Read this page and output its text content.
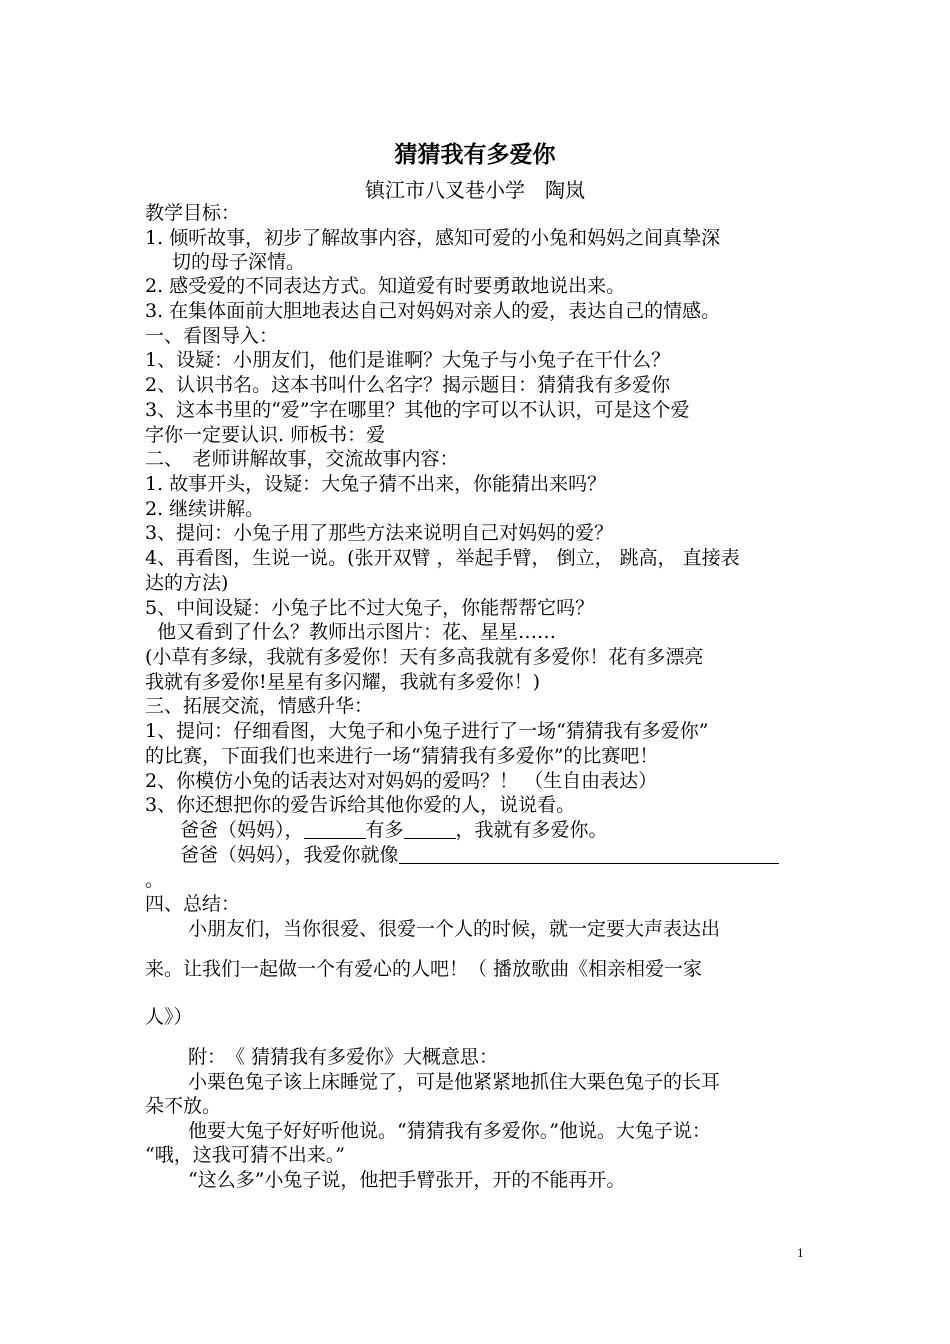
猜猜我有多爱你
镇江市八叉巷小学　陶岚
教学目标：
1. 倾听故事，初步了解故事内容，感知可爱的小兔和妈妈之间真挚深
切的母子深情。
2. 感受爱的不同表达方式。知道爱有时要勇敢地说出来。
3. 在集体面前大胆地表达自己对妈妈对亲人的爱，表达自己的情感。
一、看图导入：
1、设疑：小朋友们，他们是谁啊？大兔子与小兔子在干什么？
2、认识书名。这本书叫什么名字？揭示题目：猜猜我有多爱你
3、这本书里的“爱”字在哪里？其他的字可以不认识，可是这个爱
字你一定要认识. 师板书：爱
二、　老师讲解故事，交流故事内容：
1. 故事开头，设疑：大兔子猜不出来，你能猜出来吗？
2. 继续讲解。
3、提问：小兔子用了那些方法来说明自己对妈妈的爱？
4、再看图，生说一说。(张开双臂 ，举起手臂， 倒立， 跳高， 直接表
达的方法)
5、中间设疑：小兔子比不过大兔子，你能帮帮它吗？
他又看到了什么？教师出示图片：花、星星……
(小草有多绿，我就有多爱你！天有多高我就有多爱你！花有多漂亮
我就有多爱你!星星有多闪耀，我就有多爱你！)
三、拓展交流，情感升华：
1、提问：仔细看图，大兔子和小兔子进行了一场“猜猜我有多爱你”
的比赛，下面我们也来进行一场“猜猜我有多爱你”的比赛吧！
2、你模仿小兔的话表达对对妈妈的爱吗？！ （生自由表达）
3、你还想把你的爱告诉给其他你爱的人，说说看。
爸爸（妈妈），	有多	，我就有多爱你。
爸爸（妈妈），我爱你就像
。
四、总结：
小朋友们，当你很爱、很爱一个人的时候，就一定要大声表达出
来。让我们一起做一个有爱心的人吧！（ 播放歌曲《相亲相爱一家
人》）
附：　《 猜猜我有多爱你》大概意思：
小栗色兔子该上床睡觉了，可是他紧紧地抓住大栗色兔子的长耳
朵不放。
他要大兔子好好听他说。“猜猜我有多爱你。”他说。大兔子说：
“哦，这我可猜不出来。”
“这么多”小兔子说，他把手臂张开，开的不能再开。
1
